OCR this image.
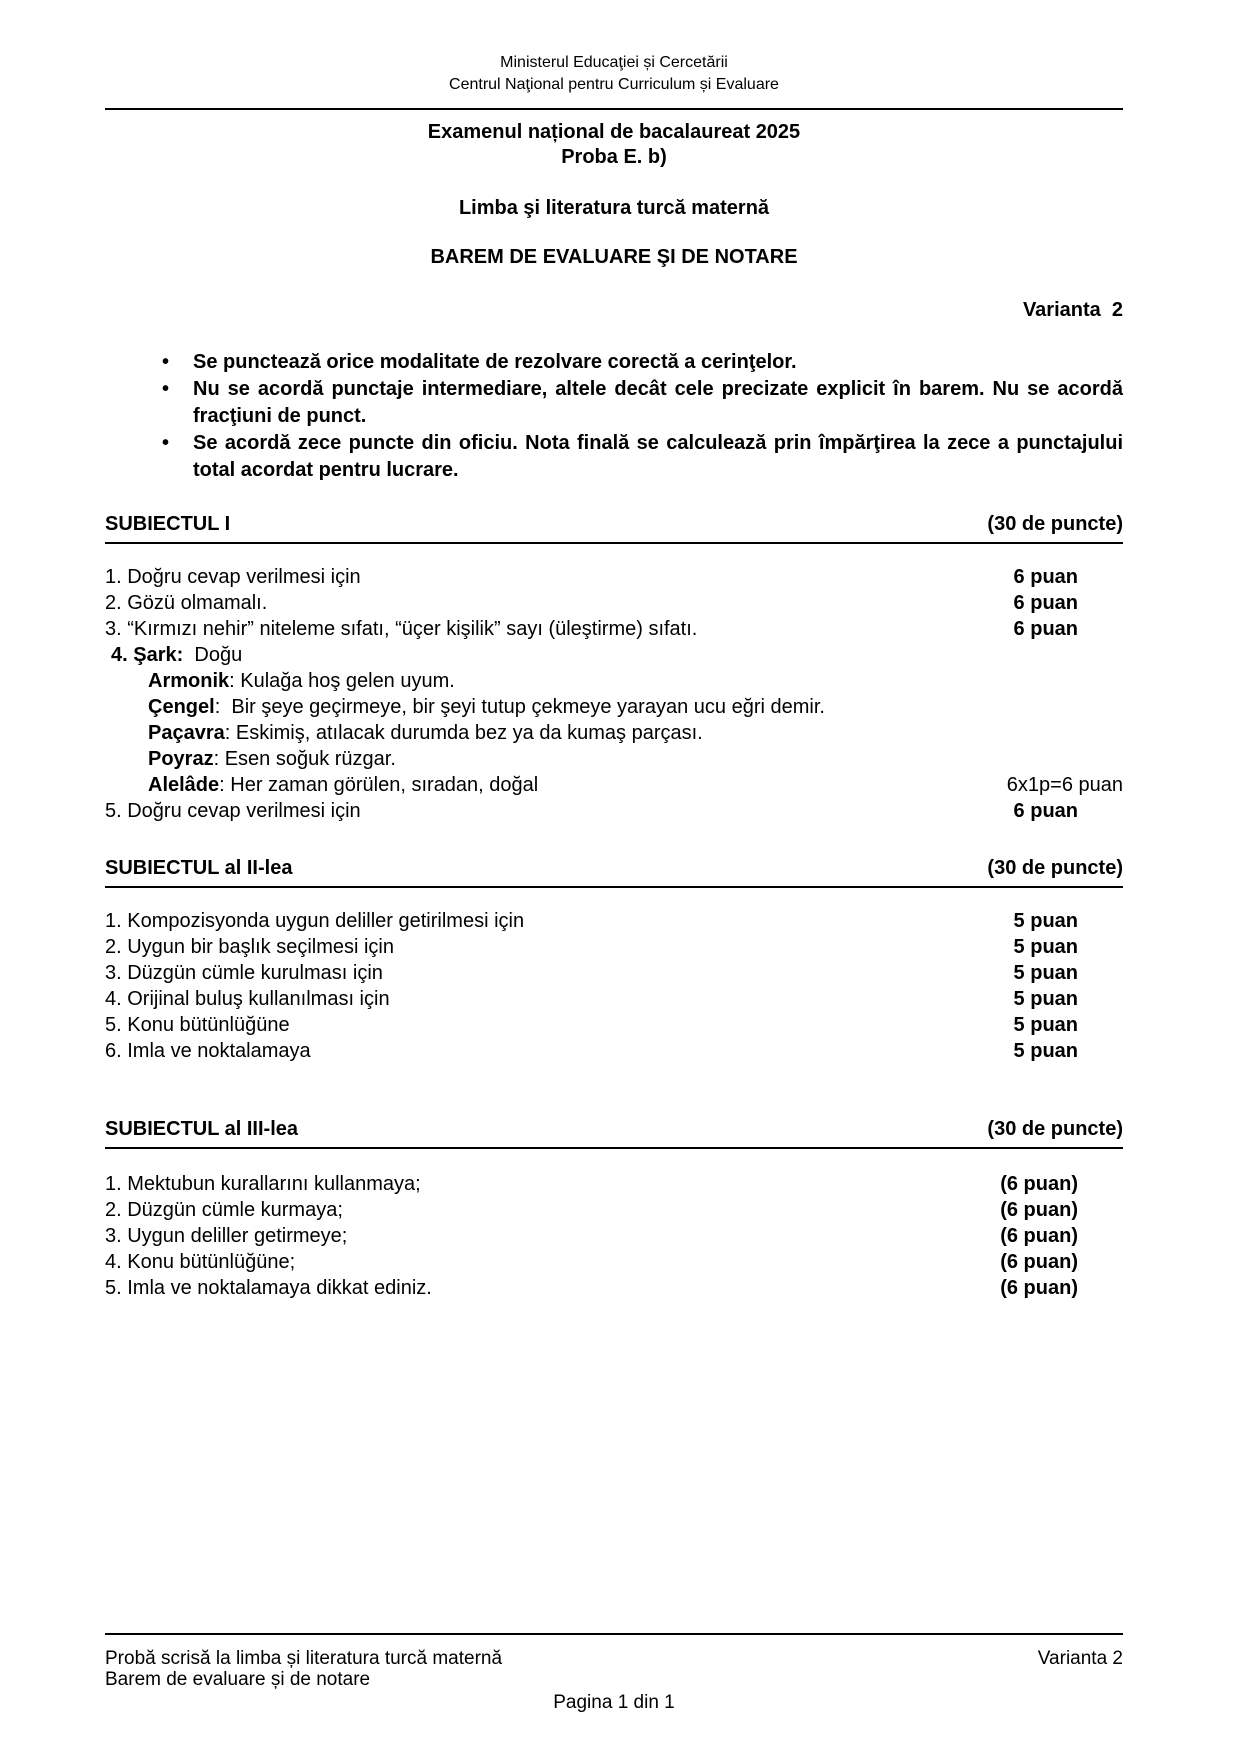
Ministerul Educaţiei și Cercetării
Centrul Naţional pentru Curriculum și Evaluare
Examenul național de bacalaureat 2025
Proba E. b)
Limba şi literatura turcă maternă
BAREM DE EVALUARE ŞI DE NOTARE
Varianta  2
•	Se punctează orice modalitate de rezolvare corectă a cerinţelor.
•	Nu se acordă punctaje intermediare, altele decât cele precizate explicit în barem. Nu se acordă fracţiuni de punct.
•	Se acordă zece puncte din oficiu. Nota finală se calculează prin împărţirea la zece a punctajului total acordat pentru lucrare.
SUBIECTUL I	(30 de puncte)
1. Doğru cevap verilmesi için	6 puan
2. Gözü olmamalı.	6 puan
3. “Kırmızı nehir” niteleme sıfatı, “üçer kişilik” sayı (üleştirme) sıfatı.	6 puan
4. Şark:  Doğu
Armonik: Kulağa hoş gelen uyum.
Çengel:  Bir şeye geçirmeye, bir şeyi tutup çekmeye yarayan ucu eğri demir.
Paçavra: Eskimiş, atılacak durumda bez ya da kumaş parçası.
Poyraz: Esen soğuk rüzgar.
Alelâde: Her zaman görülen, sıradan, doğal	6x1p=6 puan
5. Doğru cevap verilmesi için	6 puan
SUBIECTUL al II-lea	(30 de puncte)
1. Kompozisyonda uygun deliller getirilmesi için	5 puan
2. Uygun bir başlık seçilmesi için	5 puan
3. Düzgün cümle kurulması için	5 puan
4. Orijinal buluş kullanılması için	5 puan
5. Konu bütünlüğüne	5 puan
6. Imla ve noktalamaya	5 puan
SUBIECTUL al III-lea	(30 de puncte)
1. Mektubun kurallarını kullanmaya;	(6 puan)
2. Düzgün cümle kurmaya;	(6 puan)
3. Uygun deliller getirmeye;	(6 puan)
4. Konu bütünlüğüne;	(6 puan)
5. Imla ve noktalamaya dikkat ediniz.	(6 puan)
Probă scrisă la limba și literatura turcă maternă
Barem de evaluare și de notare
Varianta 2
Pagina 1 din 1
